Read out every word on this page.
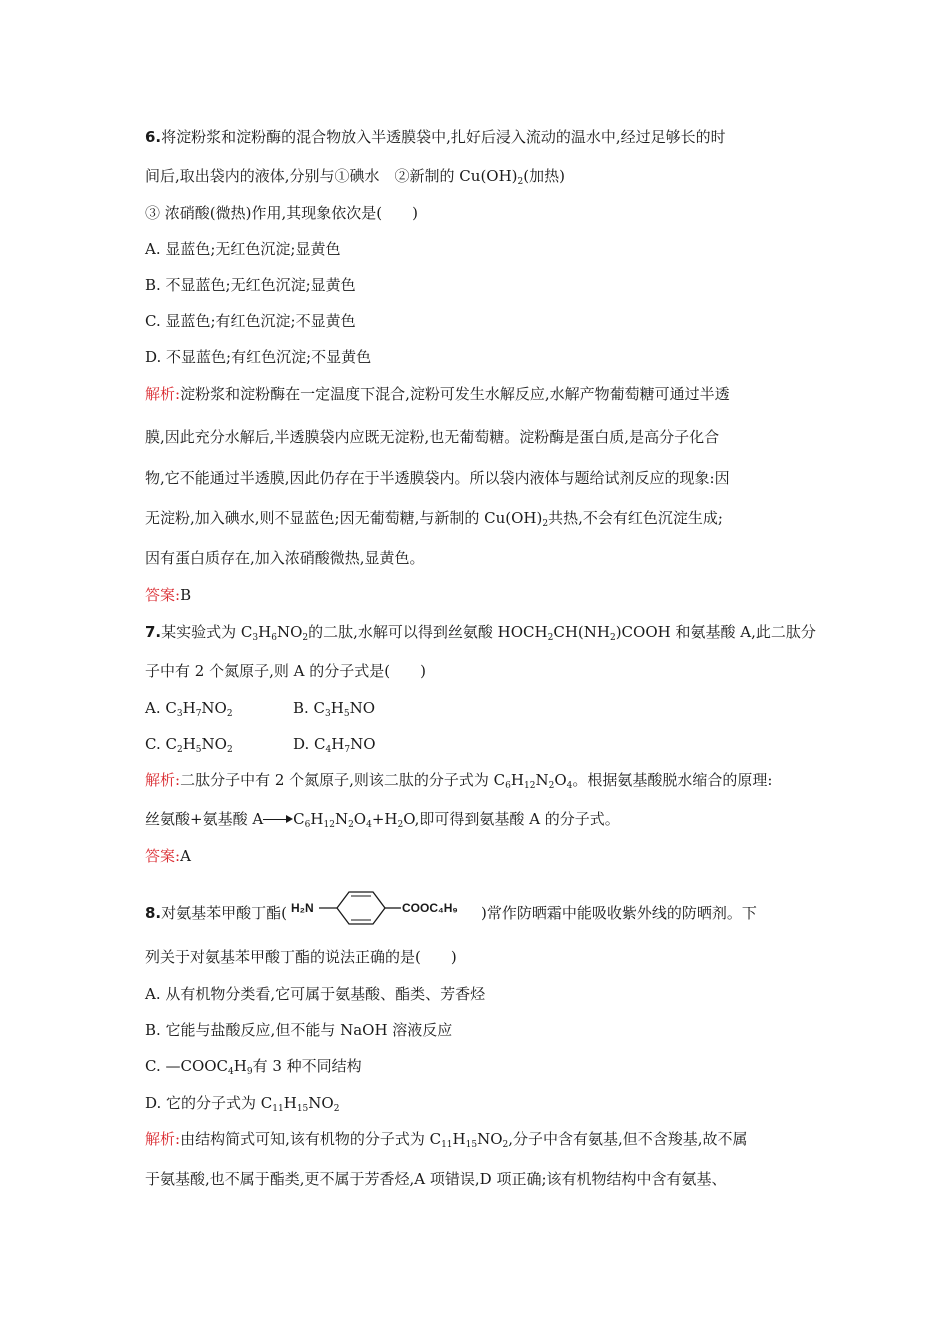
6.将淀粉浆和淀粉酶的混合物放入半透膜袋中,扎好后浸入流动的温水中,经过足够长的时
间后,取出袋内的液体,分别与①碘水　②新制的 $Cu(OH)_2$(加热)
③ 浓硝酸(微热)作用,其现象依次是(　　)
A. 显蓝色;无红色沉淀;显黄色
B. 不显蓝色;无红色沉淀;显黄色
C. 显蓝色;有红色沉淀;不显黄色
D. 不显蓝色;有红色沉淀;不显黄色
解析:淀粉浆和淀粉酶在一定温度下混合,淀粉可发生水解反应,水解产物葡萄糖可通过半透
膜,因此充分水解后,半透膜袋内应既无淀粉,也无葡萄糖。淀粉酶是蛋白质,是高分子化合
物,它不能通过半透膜,因此仍存在于半透膜袋内。所以袋内液体与题给试剂反应的现象:因
无淀粉,加入碘水,则不显蓝色;因无葡萄糖,与新制的 $Cu(OH)_2$共热,不会有红色沉淀生成;
因有蛋白质存在,加入浓硝酸微热,显黄色。
答案:B
7.某实验式为 $C_3H_6NO_2$的二肽,水解可以得到丝氨酸 $HOCH_2CH(NH_2)COOH$ 和氨基酸 A,此二肽分
子中有 2 个氮原子,则 A 的分子式是(　　)
A. $C_3H_7NO_2$	B. $C_3H_5NO$
C. $C_2H_5NO_2$	D. $C_4H_7NO$
解析:二肽分子中有 2 个氮原子,则该二肽的分子式为 $C_6H_{12}N_2O_4$。根据氨基酸脱水缩合的原理:
丝氨酸+氨基酸 A $C_6H_{12}N_2O_4+H_2O$,即可得到氨基酸 A 的分子式。
答案:A
8.对氨基苯甲酸丁酯( H₂N	COOC₄H₉ )常作防晒霜中能吸收紫外线的防晒剂。下
列关于对氨基苯甲酸丁酯的说法正确的是(　　)
A. 从有机物分类看,它可属于氨基酸、酯类、芳香烃
B. 它能与盐酸反应,但不能与 NaOH 溶液反应
C. $—COOC_4H_9$有 3 种不同结构
D. 它的分子式为 $C_{11}H_{15}NO_2$
解析:由结构简式可知,该有机物的分子式为 $C_{11}H_{15}NO_2$,分子中含有氨基,但不含羧基,故不属
于氨基酸,也不属于酯类,更不属于芳香烃,A 项错误,D 项正确;该有机物结构中含有氨基、
